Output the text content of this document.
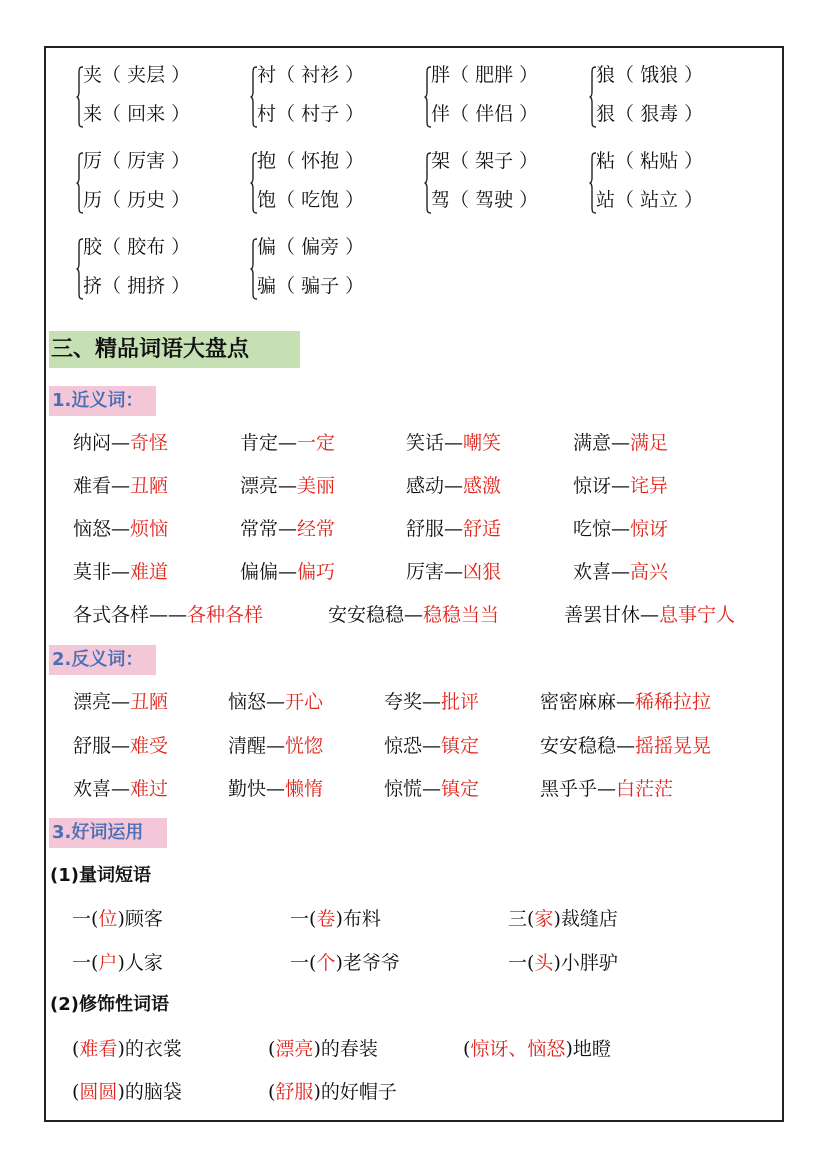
夹（ 夹层 ）
来（ 回来 ）
衬（ 衬衫 ）
村（ 村子 ）
胖（ 肥胖 ）
伴（ 伴侣 ）
狼（ 饿狼 ）
狠（ 狠毒 ）
厉（ 厉害 ）
历（ 历史 ）
抱（ 怀抱 ）
饱（ 吃饱 ）
架（ 架子 ）
驾（ 驾驶 ）
粘（ 粘贴 ）
站（ 站立 ）
胶（ 胶布 ）
挤（ 拥挤 ）
偏（ 偏旁 ）
骗（ 骗子 ）
三、精品词语大盘点
1.近义词：
纳闷—奇怪	肯定—一定	笑话—嘲笑	满意—满足
难看—丑陋	漂亮—美丽	感动—感激	惊讶—诧异
恼怒—烦恼	常常—经常	舒服—舒适	吃惊—惊讶
莫非—难道	偏偏—偏巧	厉害—凶狠	欢喜—高兴
各式各样——各种各样	安安稳稳—稳稳当当	善罢甘休—息事宁人
2.反义词：
漂亮—丑陋	恼怒—开心	夸奖—批评	密密麻麻—稀稀拉拉
舒服—难受	清醒—恍惚	惊恐—镇定	安安稳稳—摇摇晃晃
欢喜—难过	勤快—懒惰	惊慌—镇定	黑乎乎—白茫茫
3.好词运用
(1)量词短语
一(位)顾客	一(卷)布料	三(家)裁缝店
一(户)人家	一(个)老爷爷	一(头)小胖驴
(2)修饰性词语
(难看)的衣裳	(漂亮)的春装	(惊讶、恼怒)地瞪
(圆圆)的脑袋	(舒服)的好帽子
